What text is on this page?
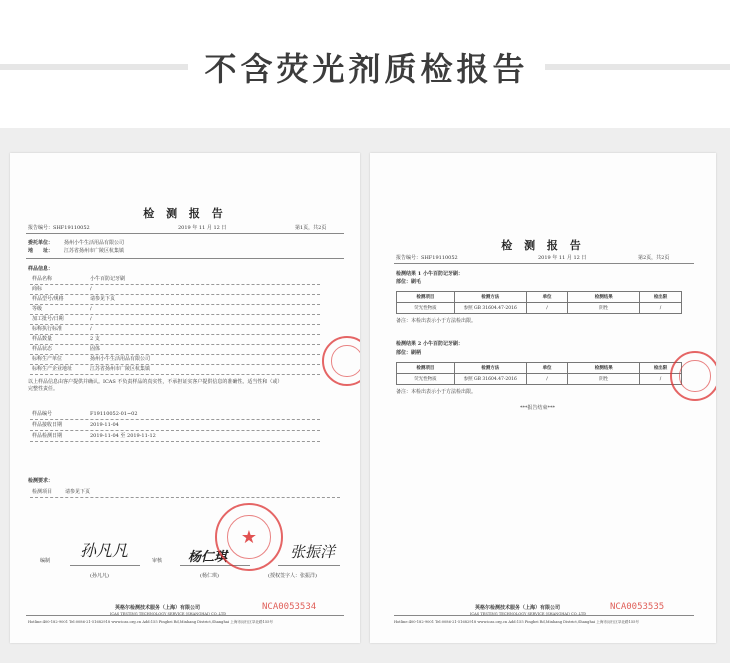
不含荧光剂质检报告
检 测 报 告
报告编号：SHF19110052	2019 年 11 月 12 日	第1页，共2页
委托单位： 扬州小牛生活用品有限公司
地　　址： 江苏省扬州市广陵区杭集镇
样品信息：
样品名称	小牛百防记牙刷
商标	/
样品型号/规格	请参见下页
等级	/
加工批号/日期	/
标称执行标准	/
样品数量	2 支
样品状态	固体
标称生产单位	扬州小牛生活用品有限公司
标称生产企业地址	江苏省扬州市广陵区杭集镇
以上样品信息由客户提供并确认。ICAS 不负责样品的真实性，不承担证实客户提供信息的准确性。适当性和（或）
完整性责任。
样品编号	F19110052-01~02
样品接收日期	2019-11-04
样品检测日期	2019-11-04 至 2019-11-12
检测要求：
检测项目	请参见下页
孙凡凡	杨仁琪	张振洋
编制	审核
(孙凡凡)	(杨仁琪)	(授权签字人：张振洋)
★
英格尔检测技术服务（上海）有限公司
ICAS TESTING TECHNOLOGY SERVICE (SHANGHAI) CO.,LTD
NCA0053534
Hotline:400-182-9001 Tel:0086-21-51682918 www.icas.org.cn Add:155 Pingbei Rd,Minhang District,Shanghai 上海市闵行区莘北路155号
检 测 报 告
报告编号：SHF19110052	2019 年 11 月 12 日	第2页，共2页
检测结果 1 小牛百防记牙刷：
部位：刷毛
检测项目	检测方法	单位	检测结果	检出限
荧光性物质	参照 GB 31604.47-2016	/	阴性	/
备注：本检出表示小于方法检出限。
检测结果 2 小牛百防记牙刷：
部位：刷柄
检测项目	检测方法	单位	检测结果	检出限
荧光性物质	参照 GB 31604.47-2016	/	阴性	/
备注：本检出表示小于方法检出限。
***报告结束***
英格尔检测技术服务（上海）有限公司
ICAS TESTING TECHNOLOGY SERVICE (SHANGHAI) CO.,LTD
NCA0053535
Hotline:400-182-9001 Tel:0086-21-51682918 www.icas.org.cn Add:155 Pingbei Rd,Minhang District,Shanghai 上海市闵行区莘北路155号
